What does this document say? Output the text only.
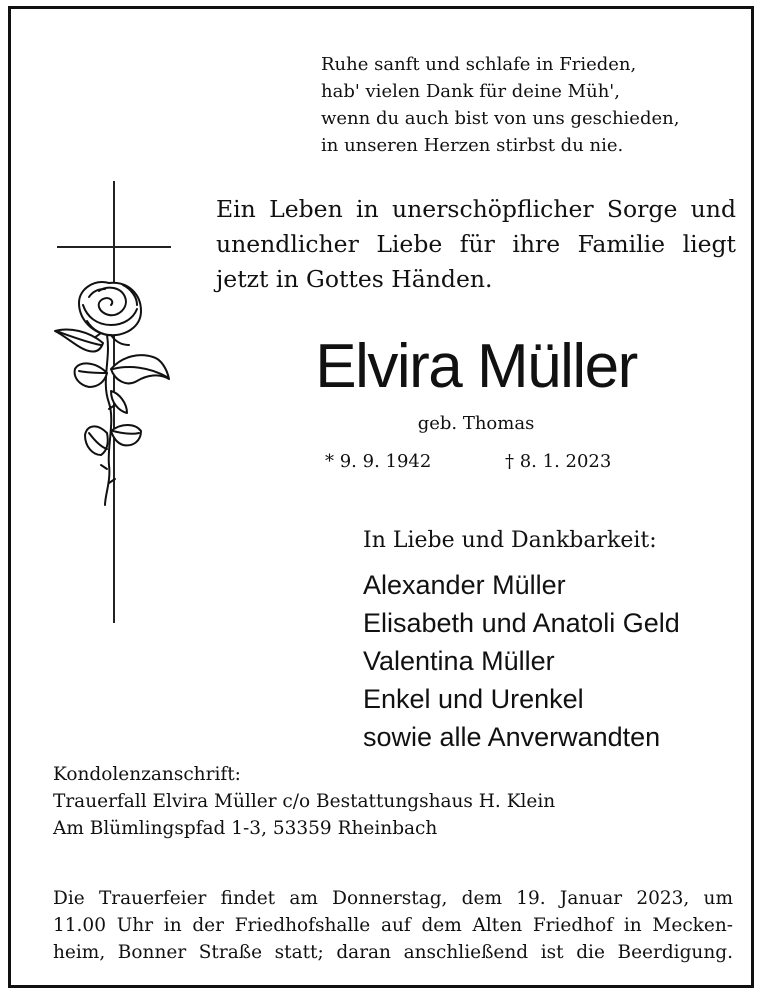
Ruhe sanft und schlafe in Frieden,
hab' vielen Dank für deine Müh',
wenn du auch bist von uns geschieden,
in unseren Herzen stirbst du nie.
Ein Leben in unerschöpflicher Sorge und
unendlicher Liebe für ihre Familie liegt
jetzt in Gottes Händen.
Elvira Müller
geb. Thomas
* 9. 9. 1942	† 8. 1. 2023
In Liebe und Dankbarkeit:
Alexander Müller
Elisabeth und Anatoli Geld
Valentina Müller
Enkel und Urenkel
sowie alle Anverwandten
Kondolenzanschrift:
Trauerfall Elvira Müller c/o Bestattungshaus H. Klein
Am Blümlingspfad 1-3, 53359 Rheinbach
Die Trauerfeier findet am Donnerstag, dem 19. Januar 2023, um
11.00 Uhr in der Friedhofshalle auf dem Alten Friedhof in Mecken-
heim, Bonner Straße statt; daran anschließend ist die Beerdigung.
